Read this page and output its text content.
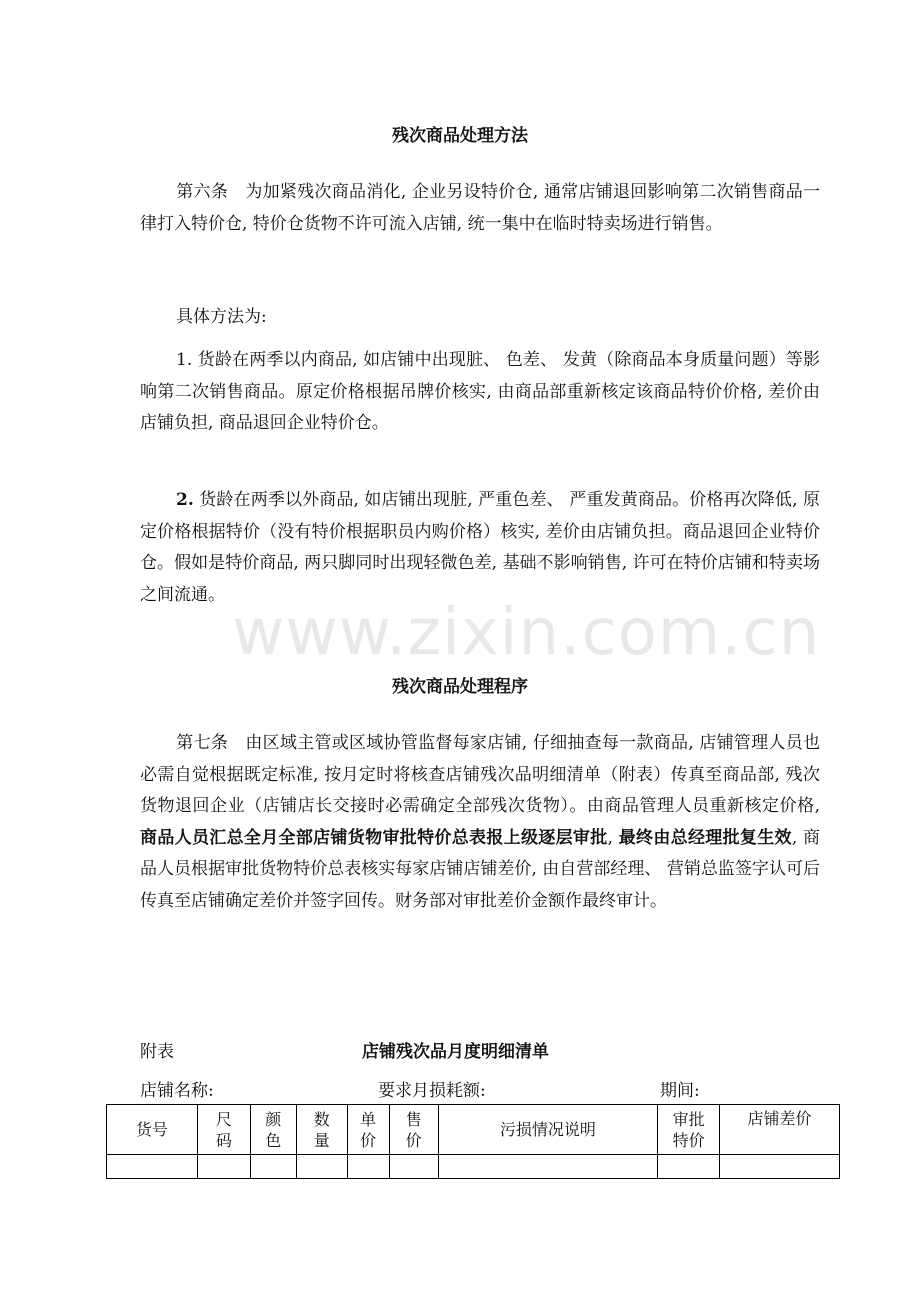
残次商品处理方法

第六条　为加紧残次商品消化, 企业另设特价仓, 通常店铺退回影响第二次销售商品一律打入特价仓, 特价仓货物不许可流入店铺, 统一集中在临时特卖场进行销售。

具体方法为:

1. 货龄在两季以内商品, 如店铺中出现脏、 色差、 发黄（除商品本身质量问题）等影响第二次销售商品。原定价格根据吊牌价核实, 由商品部重新核定该商品特价价格, 差价由店铺负担, 商品退回企业特价仓。

2. 货龄在两季以外商品, 如店铺出现脏, 严重色差、 严重发黄商品。价格再次降低, 原定价格根据特价（没有特价根据职员内购价格）核实, 差价由店铺负担。商品退回企业特价仓。假如是特价商品, 两只脚同时出现轻微色差, 基础不影响销售, 许可在特价店铺和特卖场之间流通。

www.zixin.com.cn
残次商品处理程序

第七条　由区域主管或区域协管监督每家店铺, 仔细抽查每一款商品, 店铺管理人员也必需自觉根据既定标准, 按月定时将核查店铺残次品明细清单（附表）传真至商品部, 残次货物退回企业（店铺店长交接时必需确定全部残次货物）。由商品管理人员重新核定价格, 商品人员汇总全月全部店铺货物审批特价总表报上级逐层审批, 最终由总经理批复生效, 商品人员根据审批货物特价总表核实每家店铺店铺差价, 由自营部经理、 营销总监签字认可后传真至店铺确定差价并签字回传。财务部对审批差价金额作最终审计。

附表	店铺残次品月度明细清单
店铺名称:	要求月损耗额:	期间:
货号	尺码	颜色	数量	单价	售价	污损情况说明	审批特价	店铺差价
